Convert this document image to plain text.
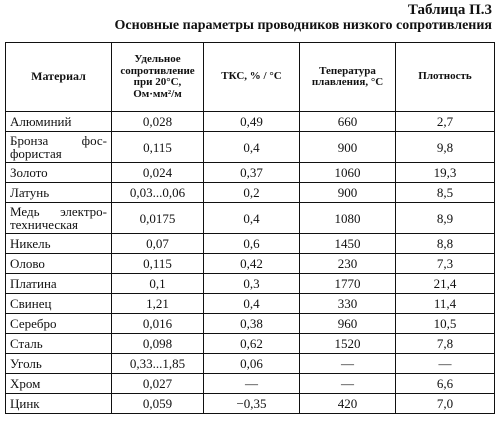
Таблица П.3
Основные параметры проводников низкого сопротивления
Материал	Удельное сопротивление при 20°C, Ом·мм²/м	ТКС, % / °С	Тепература плавления, °С	Плотность
Алюминий	0,028	0,49	660	2,7

Бронза фос-
фористая	0,115	0,4	900	9,8
Золото	0,024	0,37	1060	19,3
Латунь	0,03...0,06	0,2	900	8,5

Медь электро-
техническая	0,0175	0,4	1080	8,9
Никель	0,07	0,6	1450	8,8
Олово	0,115	0,42	230	7,3
Платина	0,1	0,3	1770	21,4
Свинец	1,21	0,4	330	11,4
Серебро	0,016	0,38	960	10,5
Сталь	0,098	0,62	1520	7,8
Уголь	0,33...1,85	0,06	—	—
Хром	0,027	—	—	6,6
Цинк	0,059	−0,35	420	7,0
